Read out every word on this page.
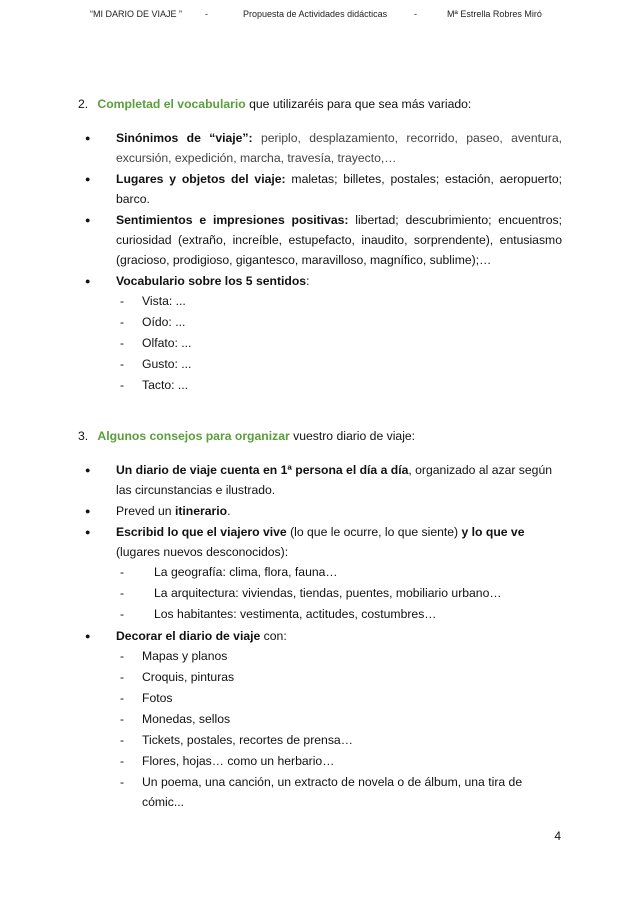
“MI DARIO DE VIAJE ”	-	Propuesta de Actividades didácticas	-	Mª Estrella Robres Miró

2. Completad el vocabulario que utilizaréis para que sea más variado:

● Sinónimos de “viaje”: periplo, desplazamiento, recorrido, paseo, aventura, excursión, expedición, marcha, travesía, trayecto,…
● Lugares y objetos del viaje: maletas; billetes, postales; estación, aeropuerto; barco.
● Sentimientos e impresiones positivas: libertad; descubrimiento; encuentros; curiosidad (extraño, increíble, estupefacto, inaudito, sorprendente), entusiasmo (gracioso, prodigioso, gigantesco, maravilloso, magnífico, sublime);…
● Vocabulario sobre los 5 sentidos:
- Vista: ...
- Oído: ...
- Olfato: ...
- Gusto: ...
- Tacto: ...

3. Algunos consejos para organizar vuestro diario de viaje:

● Un diario de viaje cuenta en 1ª persona el día a día, organizado al azar según las circunstancias e ilustrado.
● Preved un itinerario.
● Escribid lo que el viajero vive (lo que le ocurre, lo que siente) y lo que ve (lugares nuevos desconocidos):
- La geografía: clima, flora, fauna…
- La arquitectura: viviendas, tiendas, puentes, mobiliario urbano…
- Los habitantes: vestimenta, actitudes, costumbres…
● Decorar el diario de viaje con:
- Mapas y planos
- Croquis, pinturas
- Fotos
- Monedas, sellos
- Tickets, postales, recortes de prensa…
- Flores, hojas… como un herbario…
- Un poema, una canción, un extracto de novela o de álbum, una tira de cómic...
4
